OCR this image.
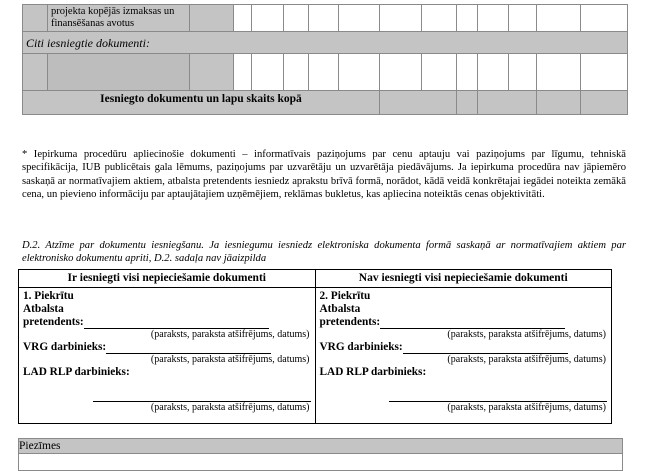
	projekta kopējās izmaksas un finansēšanas avotus													

Citi iesniegtie dokumenti:														

Iesniegto dokumentu un lapu skaits kopā														

* Iepirkuma procedūru apliecinošie dokumenti – informatīvais paziņojums par cenu aptauju vai paziņojums par līgumu, tehniskā specifikācija, IUB publicētais gala lēmums, paziņojums par uzvarētāju un uzvarētāja piedāvājums. Ja iepirkuma procedūra nav jāpiemēro saskaņā ar normatīvajiem aktiem, atbalsta pretendents iesniedz aprakstu brīvā formā, norādot, kādā veidā konkrētajai iegādei noteikta zemākā cena, un pievieno informāciju par aptaujātajiem uzņēmējiem, reklāmas bukletus, kas apliecina noteiktās cenas objektivitāti.
D.2. Atzīme par dokumentu iesniegšanu. Ja iesniegumu iesniedz elektroniska dokumenta formā saskaņā ar normatīvajiem aktiem par elektronisko dokumentu apriti, D.2. sadaļa nav jāaizpilda
Ir iesniegti visi nepieciešamie dokumenti	Nav iesniegti visi nepieciešamie dokumenti

1. Piekrītu
Atbalsta
pretendents:
(paraksts, paraksta atšifrējums, datums)
VRG darbinieks:
(paraksts, paraksta atšifrējums, datums)
LAD RLP darbinieks:
(paraksts, paraksta atšifrējums, datums)

2. Piekrītu
Atbalsta
pretendents:
(paraksts, paraksta atšifrējums, datums)
VRG darbinieks:
(paraksts, paraksta atšifrējums, datums)
LAD RLP darbinieks:
(paraksts, paraksta atšifrējums, datums)
Piezīmes
